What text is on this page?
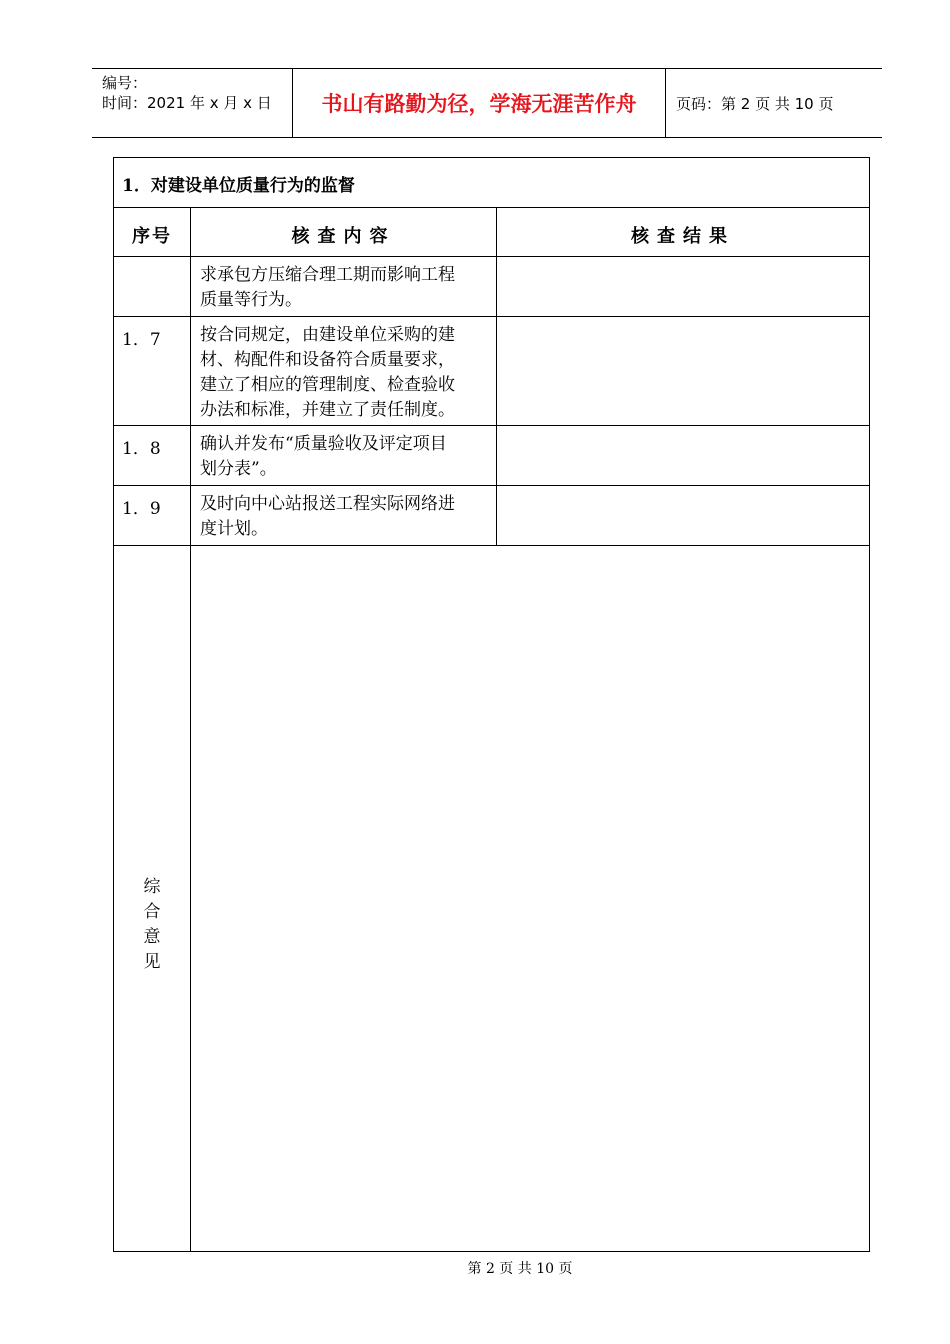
编号：
时间：2021 年 x 月 x 日	书山有路勤为径，学海无涯苦作舟	页码：第 2 页 共 10 页
1．对建设单位质量行为的监督
序号	核查内容	核查结果
求承包方压缩合理工期而影响工程
质量等行为。
1．7 按合同规定，由建设单位采购的建
材、构配件和设备符合质量要求，
建立了相应的管理制度、检查验收
办法和标准，并建立了责任制度。
1．8 确认并发布“质量验收及评定项目
划分表”。
1．9 及时向中心站报送工程实际网络进
度计划。
综
合
意
见
第 2 页 共 10 页
